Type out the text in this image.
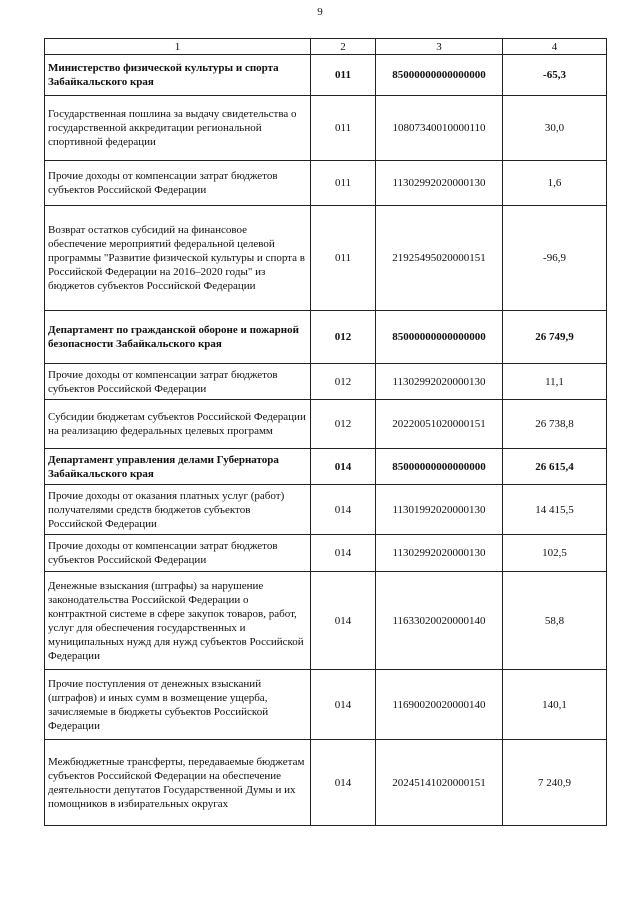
9
1	2	3	4
Министерство физической культуры и спорта Забайкальского края	011	85000000000000000	-65,3
Государственная пошлина за выдачу свидетельства о государственной аккредитации региональной спортивной федерации	011	10807340010000110	30,0
Прочие доходы от компенсации затрат бюджетов субъектов Российской Федерации	011	11302992020000130	1,6
Возврат остатков субсидий на финансовое обеспечение мероприятий федеральной целевой программы "Развитие физической культуры и спорта в Российской Федерации на 2016–2020 годы" из бюджетов субъектов Российской Федерации	011	21925495020000151	-96,9
Департамент по гражданской обороне и пожарной безопасности Забайкальского края	012	85000000000000000	26 749,9
Прочие доходы от компенсации затрат бюджетов субъектов Российской Федерации	012	11302992020000130	11,1
Субсидии бюджетам субъектов Российской Федерации на реализацию федеральных целевых программ	012	20220051020000151	26 738,8
Департамент управления делами Губернатора Забайкальского края	014	85000000000000000	26 615,4
Прочие доходы от оказания платных услуг (работ) получателями средств бюджетов субъектов Российской Федерации	014	11301992020000130	14 415,5
Прочие доходы от компенсации затрат бюджетов субъектов Российской Федерации	014	11302992020000130	102,5
Денежные взыскания (штрафы) за нарушение законодательства Российской Федерации о контрактной системе в сфере закупок товаров, работ, услуг для обеспечения государственных и муниципальных нужд для нужд субъектов Российской Федерации	014	11633020020000140	58,8
Прочие поступления от денежных взысканий (штрафов) и иных сумм в возмещение ущерба, зачисляемые в бюджеты субъектов Российской Федерации	014	11690020020000140	140,1
Межбюджетные трансферты, передаваемые бюджетам субъектов Российской Федерации на обеспечение деятельности депутатов Государственной Думы и их помощников в избирательных округах	014	20245141020000151	7 240,9
